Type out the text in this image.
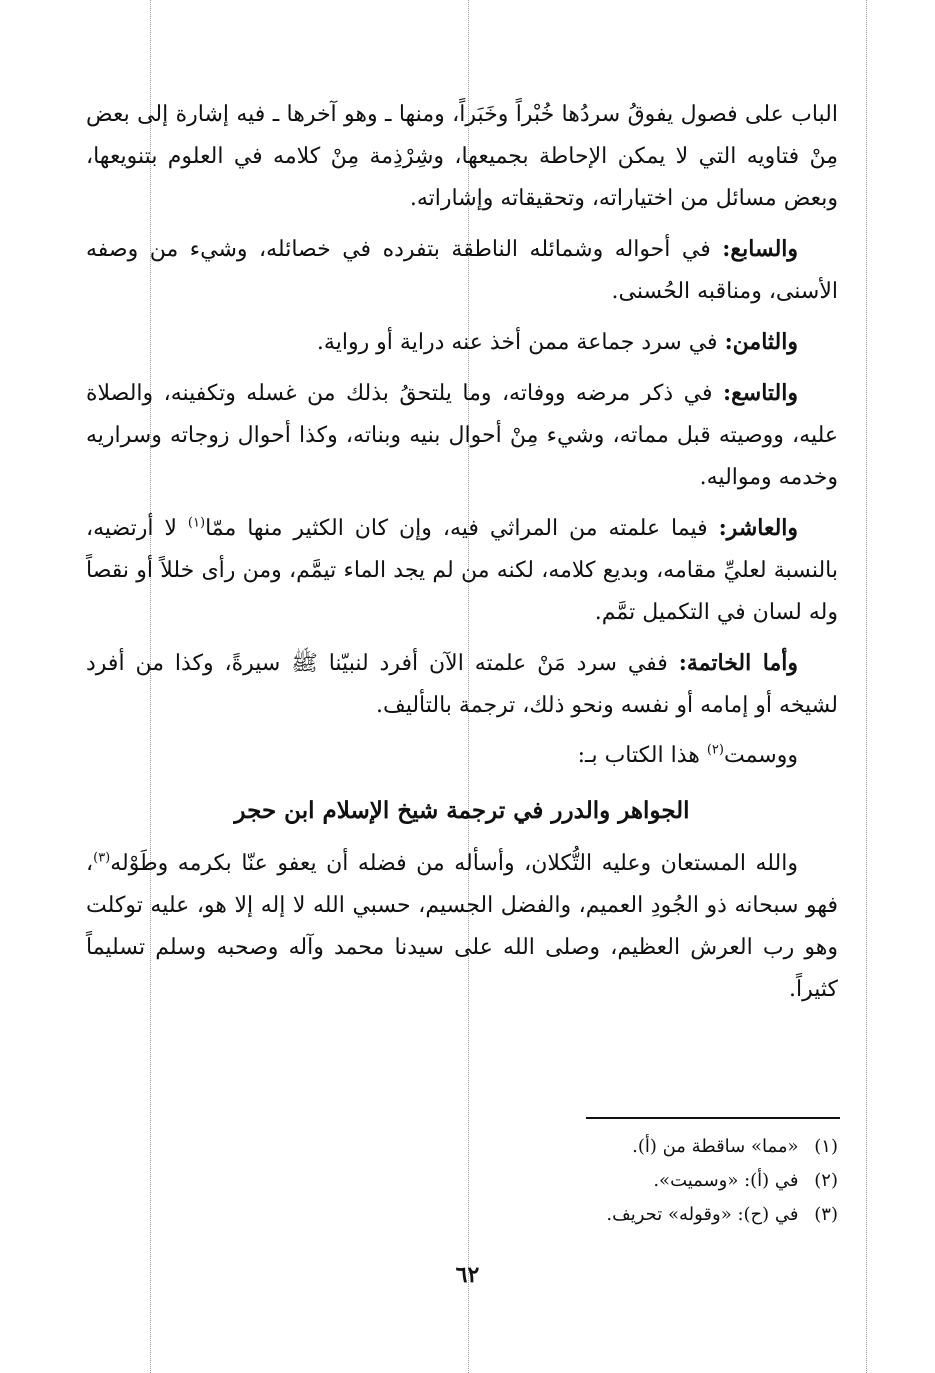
الباب على فصول يفوقُ سردُها خُبْراً وخَبَراً، ومنها ـ وهو آخرها ـ فيه إشارة إلى بعض مِنْ فتاويه التي لا يمكن الإحاطة بجميعها، وشِرْذِمة مِنْ كلامه في العلوم بتنويعها، وبعض مسائل من اختياراته، وتحقيقاته وإشاراته.

والسابع: في أحواله وشمائله الناطقة بتفرده في خصائله، وشيء من وصفه الأسنى، ومناقبه الحُسنى.

والثامن: في سرد جماعة ممن أخذ عنه دراية أو رواية.

والتاسع: في ذكر مرضه ووفاته، وما يلتحقُ بذلك من غسله وتكفينه، والصلاة عليه، ووصيته قبل مماته، وشيء مِنْ أحوال بنيه وبناته، وكذا أحوال زوجاته وسراريه وخدمه ومواليه.

والعاشر: فيما علمته من المراثي فيه، وإن كان الكثير منها ممّا$^{(١)}$ لا أرتضيه، بالنسبة لعليِّ مقامه، وبديع كلامه، لكنه من لم يجد الماء تيمَّم، ومن رأى خللاً أو نقصاً وله لسان في التكميل تمَّم.

وأما الخاتمة: ففي سرد مَنْ علمته الآن أفرد لنبيّنا ﷺ سيرةً، وكذا من أفرد لشيخه أو إمامه أو نفسه ونحو ذلك، ترجمة بالتأليف.

ووسمت$^{(٢)}$ هذا الكتاب بـ:

الجواهر والدرر في ترجمة شيخ الإسلام ابن حجر

والله المستعان وعليه التُّكلان، وأسأله من فضله أن يعفو عنّا بكرمه وطَوْله$^{(٣)}$، فهو سبحانه ذو الجُودِ العميم، والفضل الجسيم، حسبي الله لا إله إلا هو، عليه توكلت وهو رب العرش العظيم، وصلى الله على سيدنا محمد وآله وصحبه وسلم تسليماً كثيراً.

(١) «مما» ساقطة من (أ).
(٢) في (أ): «وسميت».
(٣) في (ح): «وقوله» تحريف.
٦٢
